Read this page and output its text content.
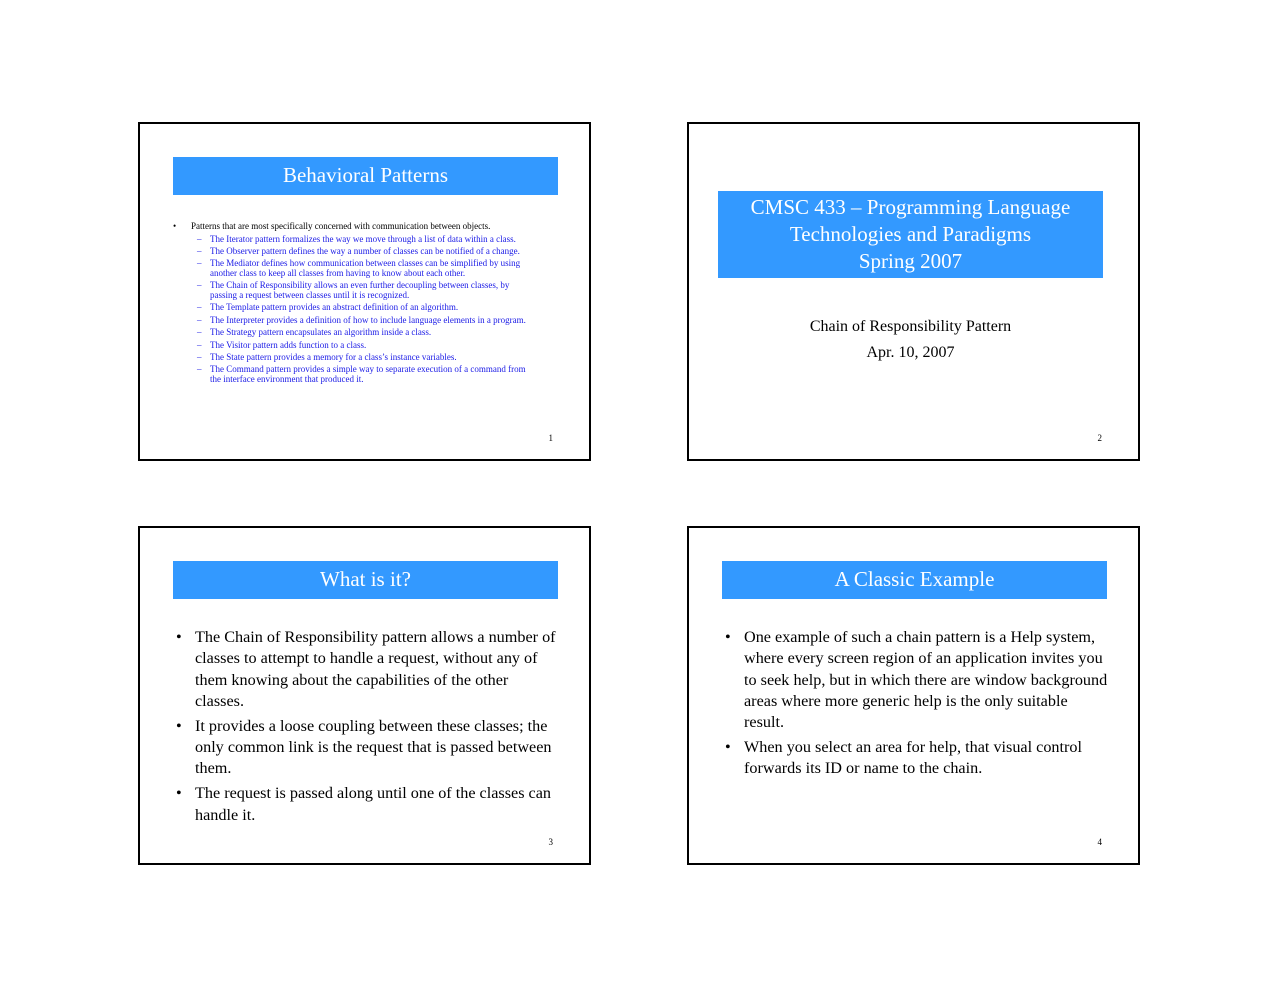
Behavioral Patterns
• Patterns that are most specifically concerned with communication between objects.
– The Iterator pattern formalizes the way we move through a list of data within a class.
– The Observer pattern defines the way a number of classes can be notified of a change.
– The Mediator defines how communication between classes can be simplified by using another class to keep all classes from having to know about each other.
– The Chain of Responsibility allows an even further decoupling between classes, by passing a request between classes until it is recognized.
– The Template pattern provides an abstract definition of an algorithm.
– The Interpreter provides a definition of how to include language elements in a program.
– The Strategy pattern encapsulates an algorithm inside a class.
– The Visitor pattern adds function to a class.
– The State pattern provides a memory for a class’s instance variables.
– The Command pattern provides a simple way to separate execution of a command from the interface environment that produced it.
1
CMSC 433 – Programming Language
Technologies and Paradigms
Spring 2007
Chain of Responsibility Pattern
Apr. 10, 2007
2
What is it?
• The Chain of Responsibility pattern allows a number of classes to attempt to handle a request, without any of them knowing about the capabilities of the other classes.
• It provides a loose coupling between these classes; the only common link is the request that is passed between them.
• The request is passed along until one of the classes can handle it.
3
A Classic Example
• One example of such a chain pattern is a Help system, where every screen region of an application invites you to seek help, but in which there are window background areas where more generic help is the only suitable result.
• When you select an area for help, that visual control forwards its ID or name to the chain.
4
